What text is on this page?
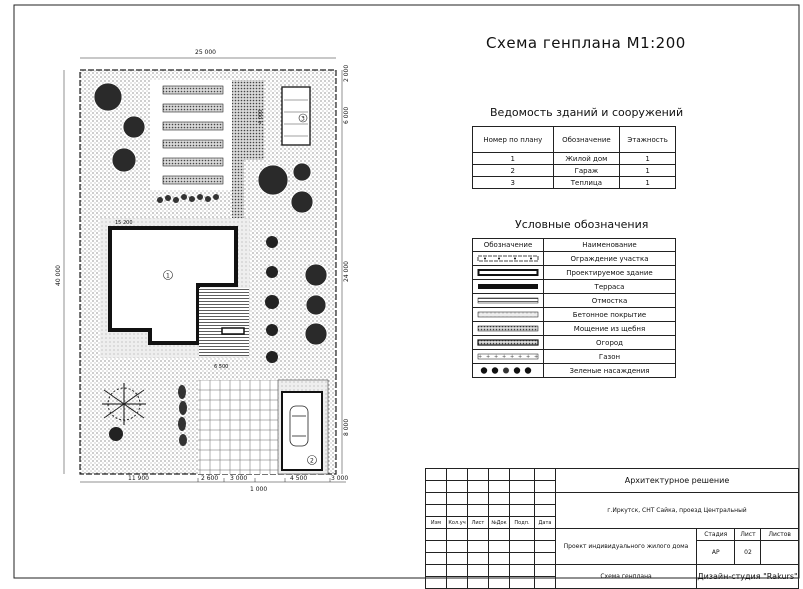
3
1
2
25 000
40 000
2 000
6 000
24 000
8 000
4 000
15 200
6 500
11 900	2 600 3 000	4 500	3 000
1 000
Схема генплана М1:200
Ведомость зданий и сооружений
Номер по плану	Обозначение	Этажность
1	Жилой дом	1
2	Гараж	1
3	Теплица	1
Условные обозначения
Обозначение	Наименование

	Ограждение участка

	Проектируемое здание

	Терраса

	Отмостка

	Бетонное покрытие

	Мощение из щебня

	Огород

	Газон

	Зеленые насаждения
						Архитектурное решение			

						г.Иркутск, СНТ Сайка, проезд Центральный			

Изм	Кол.уч	Лист	№Док	Подп.	Дата				
						Проект индивидуального жилого дома	Стадия	Лист	Листов
							АР	02	

						Схема генплана	Дизайн-студия "Rakurs"		
